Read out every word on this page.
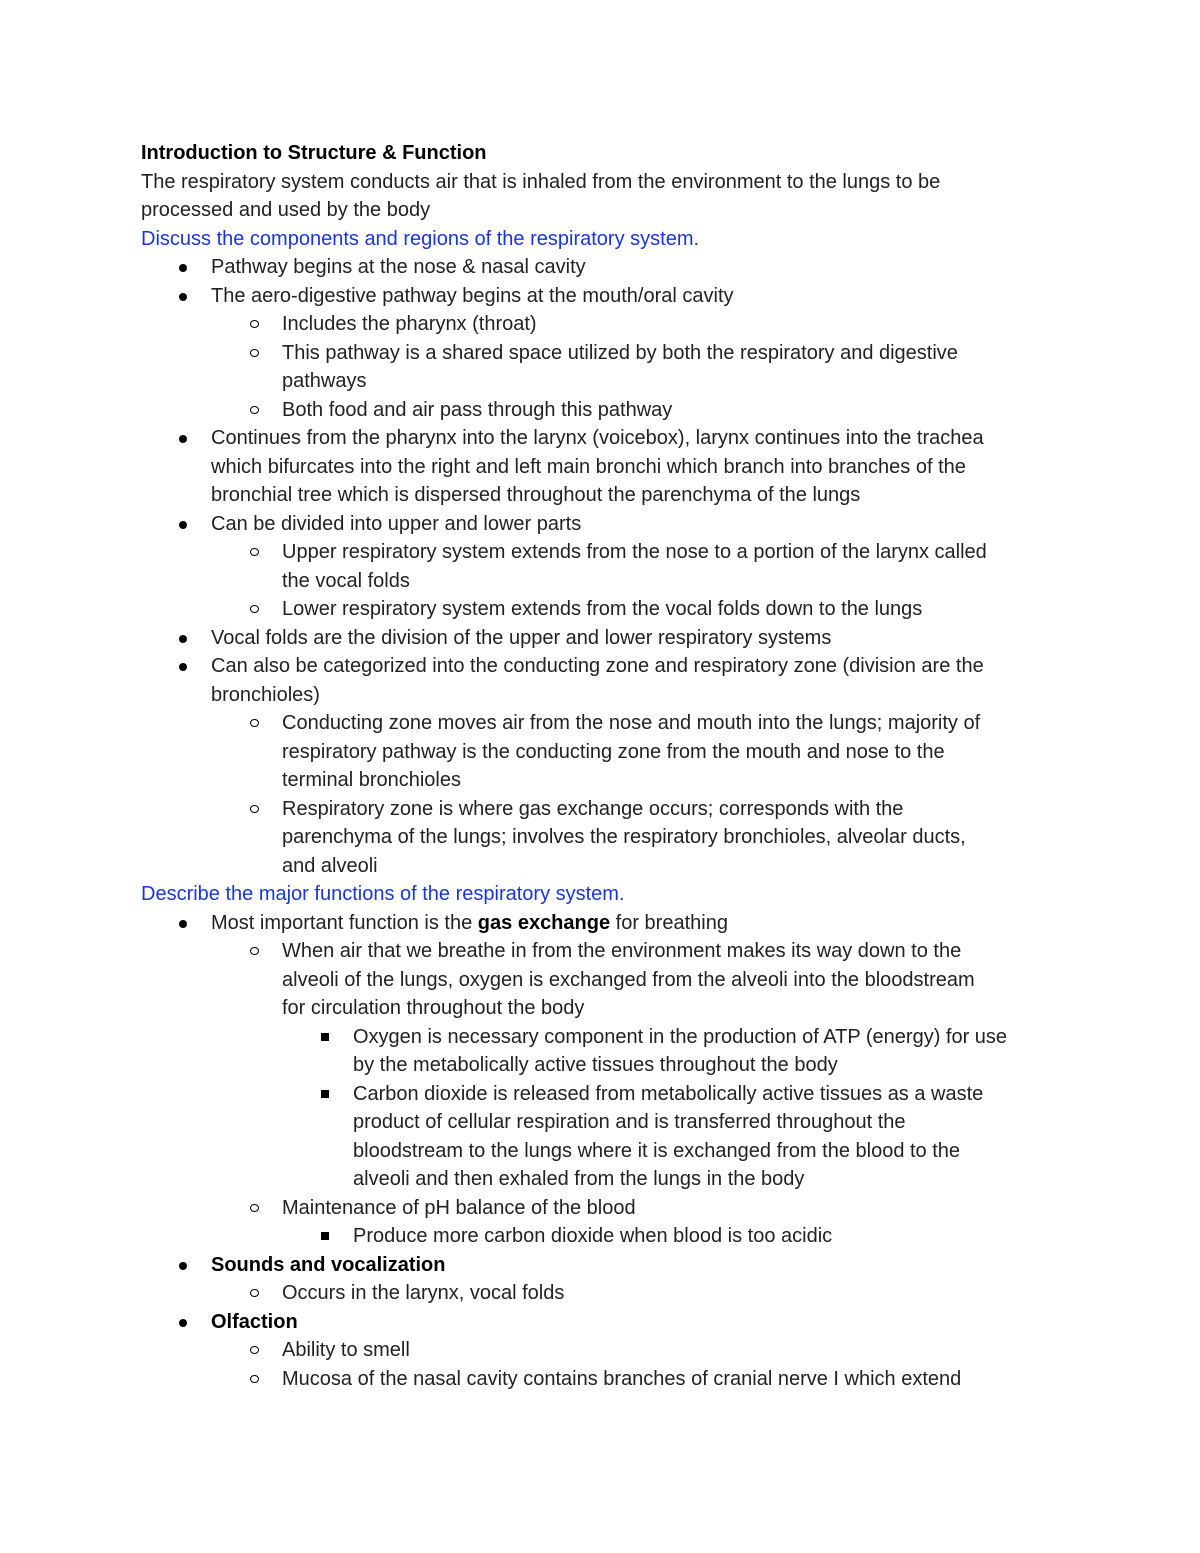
Introduction to Structure & Function
The respiratory system conducts air that is inhaled from the environment to the lungs to be
processed and used by the body
Discuss the components and regions of the respiratory system.
Pathway begins at the nose & nasal cavity
The aero-digestive pathway begins at the mouth/oral cavity
Includes the pharynx (throat)
This pathway is a shared space utilized by both the respiratory and digestive
pathways
Both food and air pass through this pathway
Continues from the pharynx into the larynx (voicebox), larynx continues into the trachea
which bifurcates into the right and left main bronchi which branch into branches of the
bronchial tree which is dispersed throughout the parenchyma of the lungs
Can be divided into upper and lower parts
Upper respiratory system extends from the nose to a portion of the larynx called
the vocal folds
Lower respiratory system extends from the vocal folds down to the lungs
Vocal folds are the division of the upper and lower respiratory systems
Can also be categorized into the conducting zone and respiratory zone (division are the
bronchioles)
Conducting zone moves air from the nose and mouth into the lungs; majority of
respiratory pathway is the conducting zone from the mouth and nose to the
terminal bronchioles
Respiratory zone is where gas exchange occurs; corresponds with the
parenchyma of the lungs; involves the respiratory bronchioles, alveolar ducts,
and alveoli
Describe the major functions of the respiratory system.
Most important function is the gas exchange for breathing
When air that we breathe in from the environment makes its way down to the
alveoli of the lungs, oxygen is exchanged from the alveoli into the bloodstream
for circulation throughout the body
Oxygen is necessary component in the production of ATP (energy) for use
by the metabolically active tissues throughout the body
Carbon dioxide is released from metabolically active tissues as a waste
product of cellular respiration and is transferred throughout the
bloodstream to the lungs where it is exchanged from the blood to the
alveoli and then exhaled from the lungs in the body
Maintenance of pH balance of the blood
Produce more carbon dioxide when blood is too acidic
Sounds and vocalization
Occurs in the larynx, vocal folds
Olfaction
Ability to smell
Mucosa of the nasal cavity contains branches of cranial nerve I which extend
